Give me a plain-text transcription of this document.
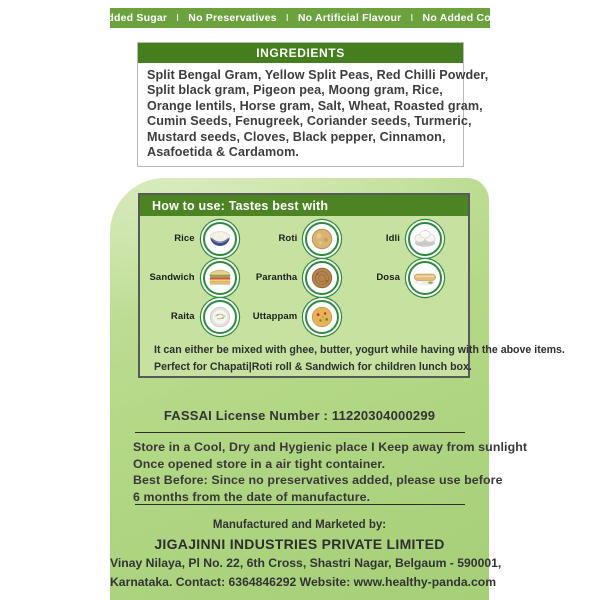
No Added Sugar I No Preservatives I No Artificial Flavour I No Added Colours
INGREDIENTS
Split Bengal Gram, Yellow Split Peas, Red Chilli Powder,
Split black gram, Pigeon pea, Moong gram, Rice,
Orange lentils, Horse gram, Salt, Wheat, Roasted gram,
Cumin Seeds, Fenugreek, Coriander seeds, Turmeric,
Mustard seeds, Cloves, Black pepper, Cinnamon,
Asafoetida & Cardamom.
How to use: Tastes best with
Rice	Roti	Idli
Sandwich	Parantha	Dosa
Raita	Uttappam
It can either be mixed with ghee, butter, yogurt while having with the above items.
Perfect for Chapati|Roti roll & Sandwich for children lunch box.
FASSAI License Number : 11220304000299
Store in a Cool, Dry and Hygienic place I Keep away from sunlight
Once opened store in a air tight container.
Best Before: Since no preservatives added, please use before
6 months from the date of manufacture.
Manufactured and Marketed by:
JIGAJINNI INDUSTRIES PRIVATE LIMITED
Vinay Nilaya, Pl No. 22, 6th Cross, Shastri Nagar, Belgaum - 590001,
Karnataka. Contact: 6364846292 Website: www.healthy-panda.com
